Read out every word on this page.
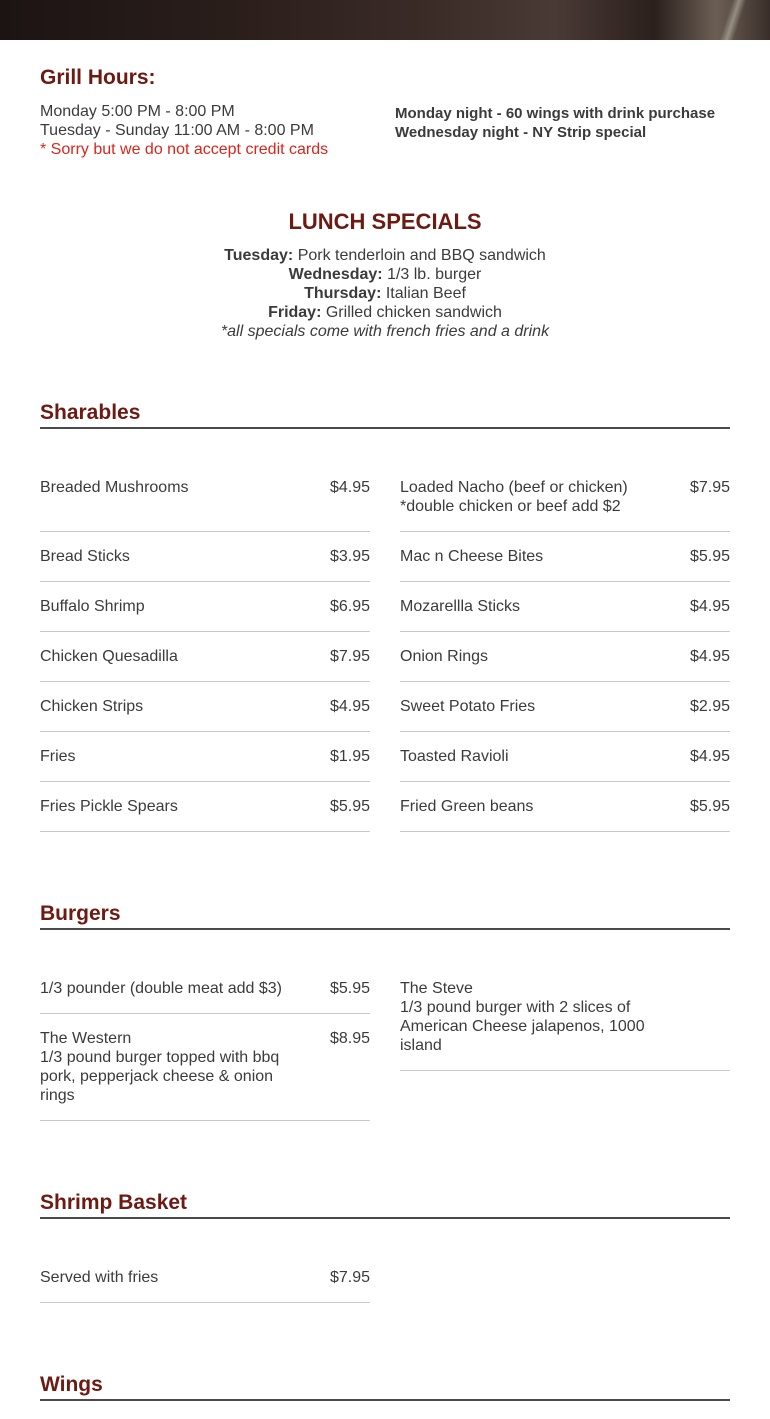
Grill Hours:
Monday 5:00 PM - 8:00 PM
Tuesday - Sunday 11:00 AM - 8:00 PM
* Sorry but we do not accept credit cards
Monday night - 60 wings with drink purchase
Wednesday night - NY Strip special
LUNCH SPECIALS
Tuesday: Pork tenderloin and BBQ sandwich
Wednesday: 1/3 lb. burger
Thursday: Italian Beef
Friday: Grilled chicken sandwich
*all specials come with french fries and a drink
Sharables
Breaded Mushrooms	$4.95
Bread Sticks	$3.95
Buffalo Shrimp	$6.95
Chicken Quesadilla	$7.95
Chicken Strips	$4.95
Fries	$1.95
Fries Pickle Spears	$5.95
Loaded Nacho (beef or chicken)
*double chicken or beef add $2
$7.95
Mac n Cheese Bites	$5.95
Mozarellla Sticks	$4.95
Onion Rings	$4.95
Sweet Potato Fries	$2.95
Toasted Ravioli	$4.95
Fried Green beans	$5.95
Burgers
1/3 pounder (double meat add $3)	$5.95
The Western
1/3 pound burger topped with bbq pork, pepperjack cheese & onion rings
$8.95
The Steve
1/3 pound burger with 2 slices of American Cheese jalapenos, 1000 island
Shrimp Basket
Served with fries	$7.95
Wings
